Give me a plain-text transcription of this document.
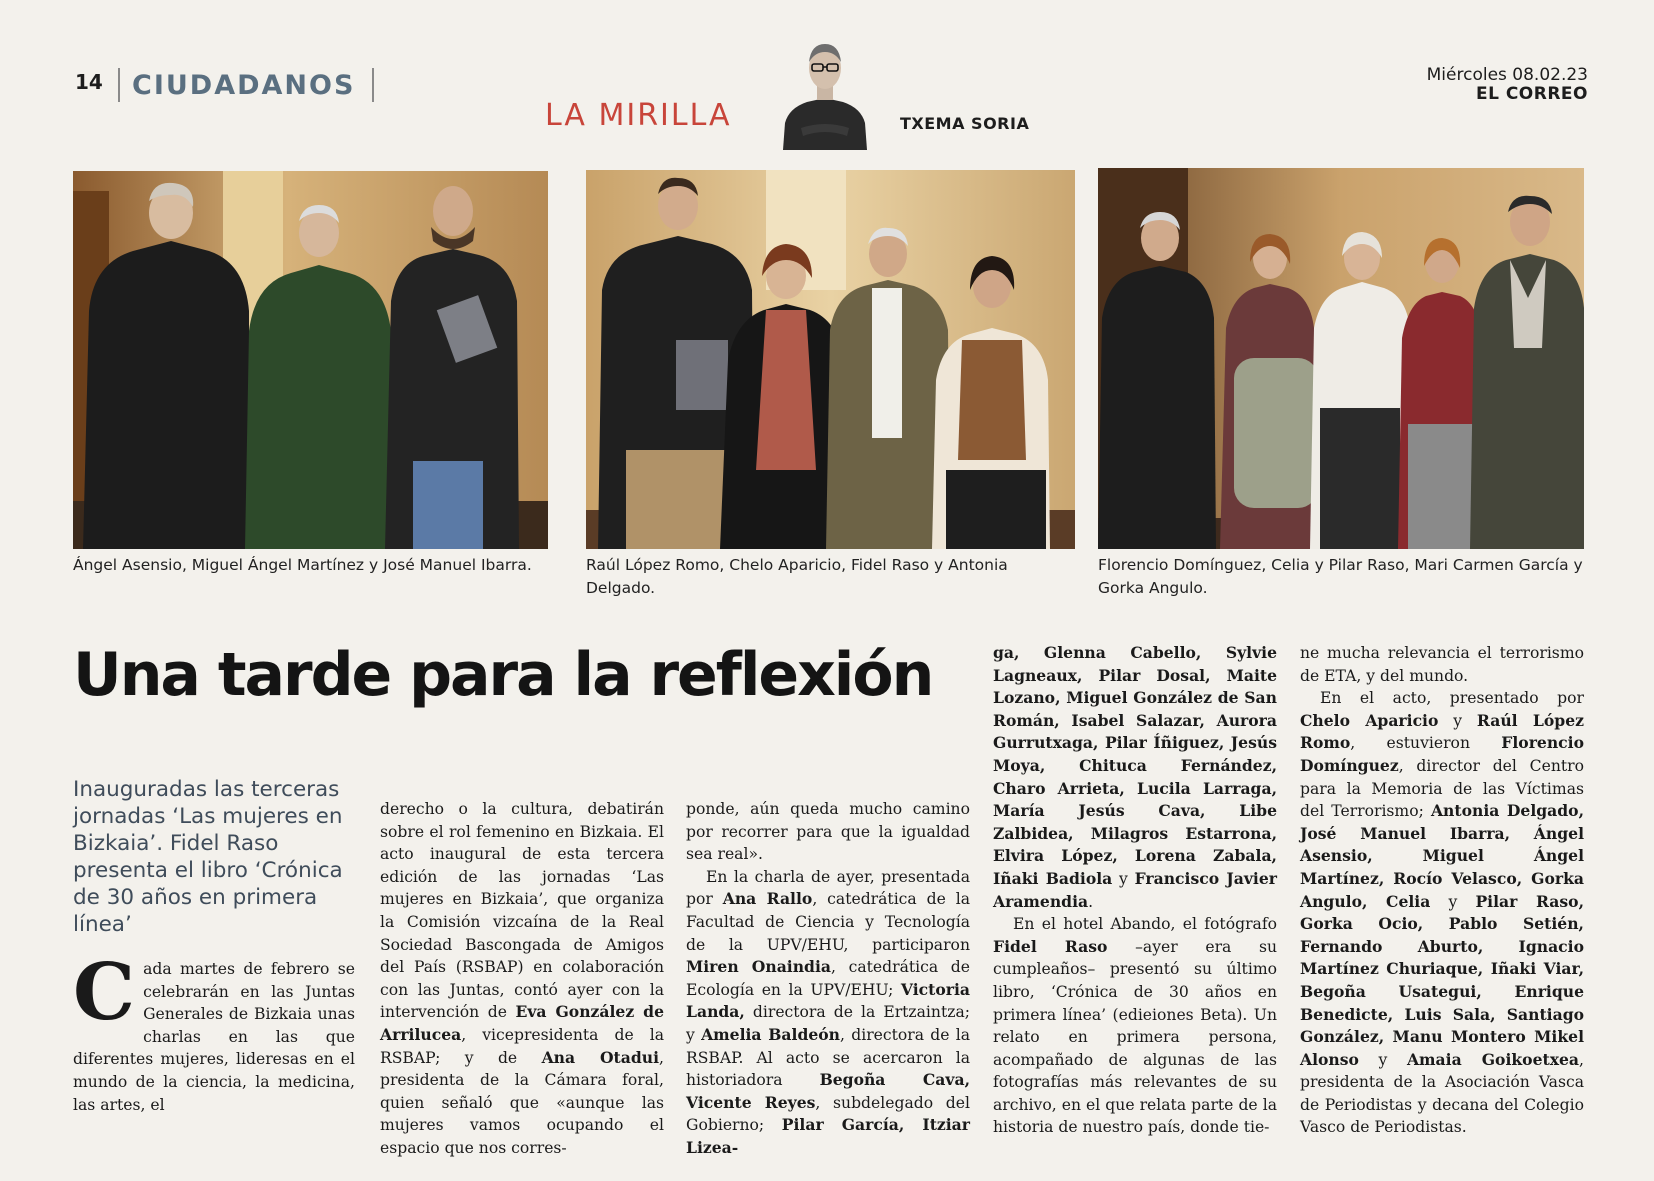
14 CIUDADANOS
LA MIRILLA	TXEMA SORIA
Miércoles 08.02.23
EL CORREO
Ángel Asensio, Miguel Ángel Martínez y José Manuel Ibarra.	Raúl López Romo, Chelo Aparicio, Fidel Raso y Antonia Delgado.
Florencio Domínguez, Celia y Pilar Raso, Mari Carmen García y Gorka Angulo.
Una tarde para la reflexión
Inauguradas las terceras jornadas ‘Las mujeres en Bizkaia’. Fidel Raso presenta el libro ‘Crónica de 30 años en primera línea’
C ada martes de febrero se celebrarán en las Juntas Generales de Bizkaia unas charlas en las que diferentes mujeres, lideresas en el mundo de la ciencia, la medicina, las artes, el

derecho o la cultura, debatirán sobre el rol femenino en Bizkaia. El acto inaugural de esta tercera edición de las jornadas ‘Las mujeres en Bizkaia’, que organiza la Comisión vizcaína de la Real Sociedad Bascongada de Amigos del País (RSBAP) en colaboración con las Juntas, contó ayer con la intervención de Eva González de Arrilucea, vicepresidenta de la RSBAP; y de Ana Otadui, presidenta de la Cámara foral, quien señaló que «aunque las mujeres vamos ocupando el espacio que nos corres-

ponde, aún queda mucho camino por recorrer para que la igualdad sea real».

En la charla de ayer, presentada por Ana Rallo, catedrática de la Facultad de Ciencia y Tecnología de la UPV/EHU, participaron Miren Onaindia, catedrática de Ecología en la UPV/EHU; Victoria Landa, directora de la Ertzaintza; y Amelia Baldeón, directora de la RSBAP. Al acto se acercaron la historiadora Begoña Cava, Vicente Reyes, subdelegado del Gobierno; Pilar García, Itziar Lizea-

ga, Glenna Cabello, Sylvie Lagneaux, Pilar Dosal, Maite Lozano, Miguel González de San Román, Isabel Salazar, Aurora Gurrutxaga, Pilar Íñiguez, Jesús Moya, Chituca Fernández, Charo Arrieta, Lucila Larraga, María Jesús Cava, Libe Zalbidea, Milagros Estarrona, Elvira López, Lorena Zabala, Iñaki Badiola y Francisco Javier Aramendia.

En el hotel Abando, el fotógrafo Fidel Raso –ayer era su cumpleaños– presentó su último libro, ‘Crónica de 30 años en primera línea’ (edieiones Beta). Un relato en primera persona, acompañado de algunas de las fotografías más relevantes de su archivo, en el que relata parte de la historia de nuestro país, donde tie-

ne mucha relevancia el terrorismo de ETA, y del mundo.

En el acto, presentado por Chelo Aparicio y Raúl López Romo, estuvieron Florencio Domínguez, director del Centro para la Memoria de las Víctimas del Terrorismo; Antonia Delgado, José Manuel Ibarra, Ángel Asensio, Miguel Ángel Martínez, Rocío Velasco, Gorka Angulo, Celia y Pilar Raso, Gorka Ocio, Pablo Setién, Fernando Aburto, Ignacio Martínez Churiaque, Iñaki Viar, Begoña Usategui, Enrique Benedicte, Luis Sala, Santiago González, Manu Montero Mikel Alonso y Amaia Goikoetxea, presidenta de la Asociación Vasca de Periodistas y decana del Colegio Vasco de Periodistas.
